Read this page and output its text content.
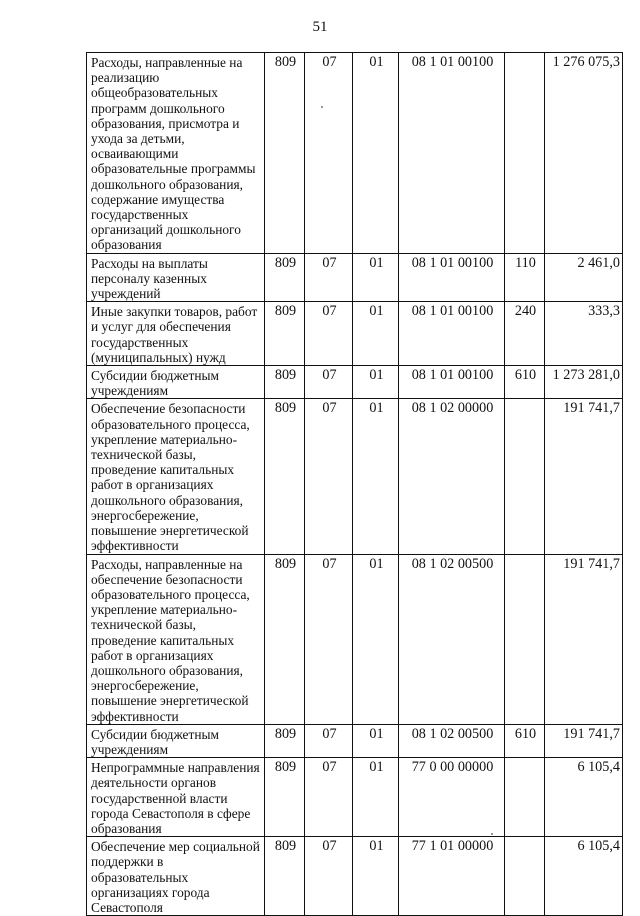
51
Расходы, направленные на реализацию общеобразовательных программ дошкольного образования, присмотра и ухода за детьми, осваивающими образовательные программы дошкольного образования, содержание имущества государственных организаций дошкольного образования	809	07	01	08 1 01 00100		1 276 075,3
Расходы на выплаты персоналу казенных учреждений	809	07	01	08 1 01 00100	110	2 461,0
Иные закупки товаров, работ и услуг для обеспечения государственных (муниципальных) нужд	809	07	01	08 1 01 00100	240	333,3
Субсидии бюджетным учреждениям	809	07	01	08 1 01 00100	610	1 273 281,0
Обеспечение безопасности образовательного процесса, укрепление материально-технической базы, проведение капитальных работ в организациях дошкольного образования, энергосбережение, повышение энергетической эффективности	809	07	01	08 1 02 00000		191 741,7
Расходы, направленные на обеспечение безопасности образовательного процесса, укрепление материально-технической базы, проведение капитальных работ в организациях дошкольного образования, энергосбережение, повышение энергетической эффективности	809	07	01	08 1 02 00500		191 741,7
Субсидии бюджетным учреждениям	809	07	01	08 1 02 00500	610	191 741,7
Непрограммные направления деятельности органов государственной власти города Севастополя в сфере образования	809	07	01	77 0 00 00000		6 105,4
Обеспечение мер социальной поддержки в образовательных организациях города Севастополя	809	07	01	77 1 01 00000		6 105,4
